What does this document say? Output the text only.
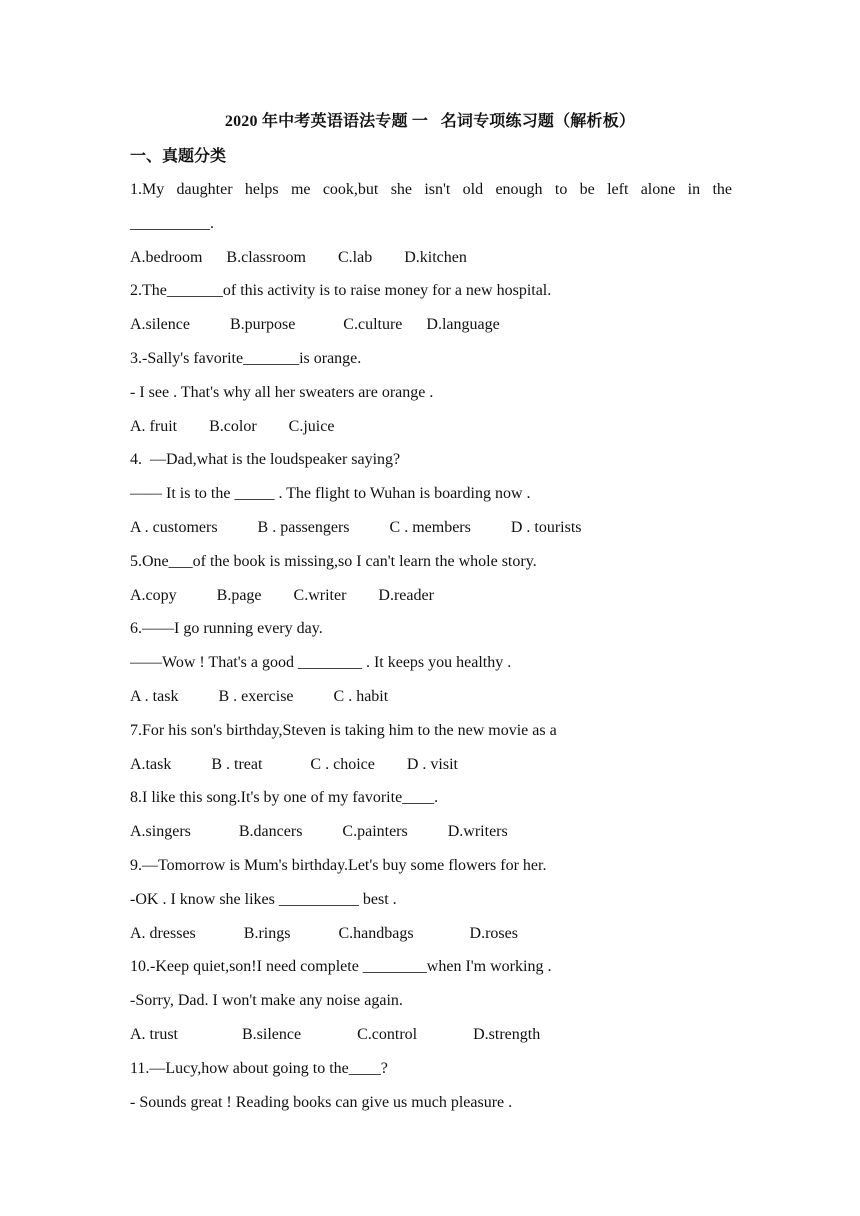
2020 年中考英语语法专题 一   名词专项练习题（解析板）
一、真题分类
1.My daughter helps me cook,but she isn't old enough to be left alone in the
__________.
A.bedroom      B.classroom        C.lab        D.kitchen
2.The_______of this activity is to raise money for a new hospital.
A.silence          B.purpose            C.culture      D.language
3.-Sally's favorite_______is orange.
- I see . That's why all her sweaters are orange .
A. fruit        B.color        C.juice
4.  —Dad,what is the loudspeaker saying?
—— It is to the _____ . The flight to Wuhan is boarding now .
A . customers          B . passengers          C . members          D . tourists
5.One___of the book is missing,so I can't learn the whole story.
A.copy          B.page        C.writer        D.reader
6.——I go running every day.
——Wow ! That's a good ________ . It keeps you healthy .
A . task          B . exercise          C . habit
7.For his son's birthday,Steven is taking him to the new movie as a
A.task          B . treat            C . choice        D . visit
8.I like this song.It's by one of my favorite____.
A.singers            B.dancers          C.painters          D.writers
9.—Tomorrow is Mum's birthday.Let's buy some flowers for her.
-OK . I know she likes __________ best .
A. dresses            B.rings            C.handbags              D.roses
10.-Keep quiet,son!I need complete ________when I'm working .
-Sorry, Dad. I won't make any noise again.
A. trust                B.silence              C.control              D.strength
11.—Lucy,how about going to the____?
- Sounds great ! Reading books can give us much pleasure .
